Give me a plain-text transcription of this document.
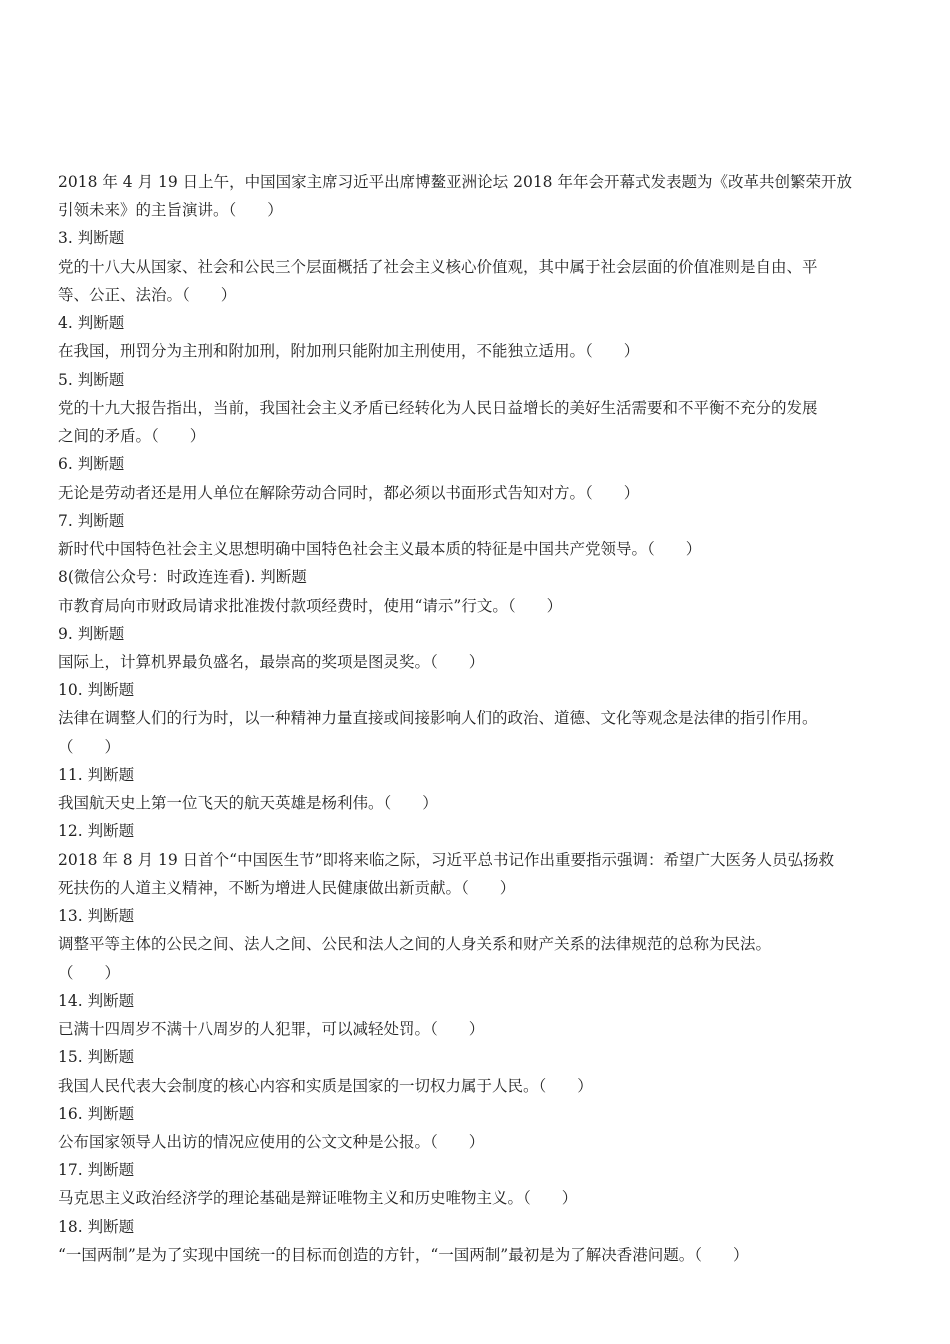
2018 年 4 月 19 日上午，中国国家主席习近平出席博鳌亚洲论坛 2018 年年会开幕式发表题为《改革共创繁荣开放
引领未来》的主旨演讲。（　　）
3. 判断题
党的十八大从国家、社会和公民三个层面概括了社会主义核心价值观，其中属于社会层面的价值准则是自由、平
等、公正、法治。（　　）
4. 判断题
在我国，刑罚分为主刑和附加刑，附加刑只能附加主刑使用，不能独立适用。（　　）
5. 判断题
党的十九大报告指出，当前，我国社会主义矛盾已经转化为人民日益增长的美好生活需要和不平衡不充分的发展
之间的矛盾。（　　）
6. 判断题
无论是劳动者还是用人单位在解除劳动合同时，都必须以书面形式告知对方。（　　）
7. 判断题
新时代中国特色社会主义思想明确中国特色社会主义最本质的特征是中国共产党领导。（　　）
8(微信公众号：时政连连看). 判断题
市教育局向市财政局请求批准拨付款项经费时，使用“请示”行文。（　　）
9. 判断题
国际上，计算机界最负盛名，最崇高的奖项是图灵奖。（　　）
10. 判断题
法律在调整人们的行为时，以一种精神力量直接或间接影响人们的政治、道德、文化等观念是法律的指引作用。
（　　）
11. 判断题
我国航天史上第一位飞天的航天英雄是杨利伟。（　　）
12. 判断题
2018 年 8 月 19 日首个“中国医生节”即将来临之际，习近平总书记作出重要指示强调：希望广大医务人员弘扬救
死扶伤的人道主义精神，不断为增进人民健康做出新贡献。（　　）
13. 判断题
调整平等主体的公民之间、法人之间、公民和法人之间的人身关系和财产关系的法律规范的总称为民法。
（　　）
14. 判断题
已满十四周岁不满十八周岁的人犯罪，可以减轻处罚。（　　）
15. 判断题
我国人民代表大会制度的核心内容和实质是国家的一切权力属于人民。（　　）
16. 判断题
公布国家领导人出访的情况应使用的公文文种是公报。（　　）
17. 判断题
马克思主义政治经济学的理论基础是辩证唯物主义和历史唯物主义。（　　）
18. 判断题
“一国两制”是为了实现中国统一的目标而创造的方针，“一国两制”最初是为了解决香港问题。（　　）
